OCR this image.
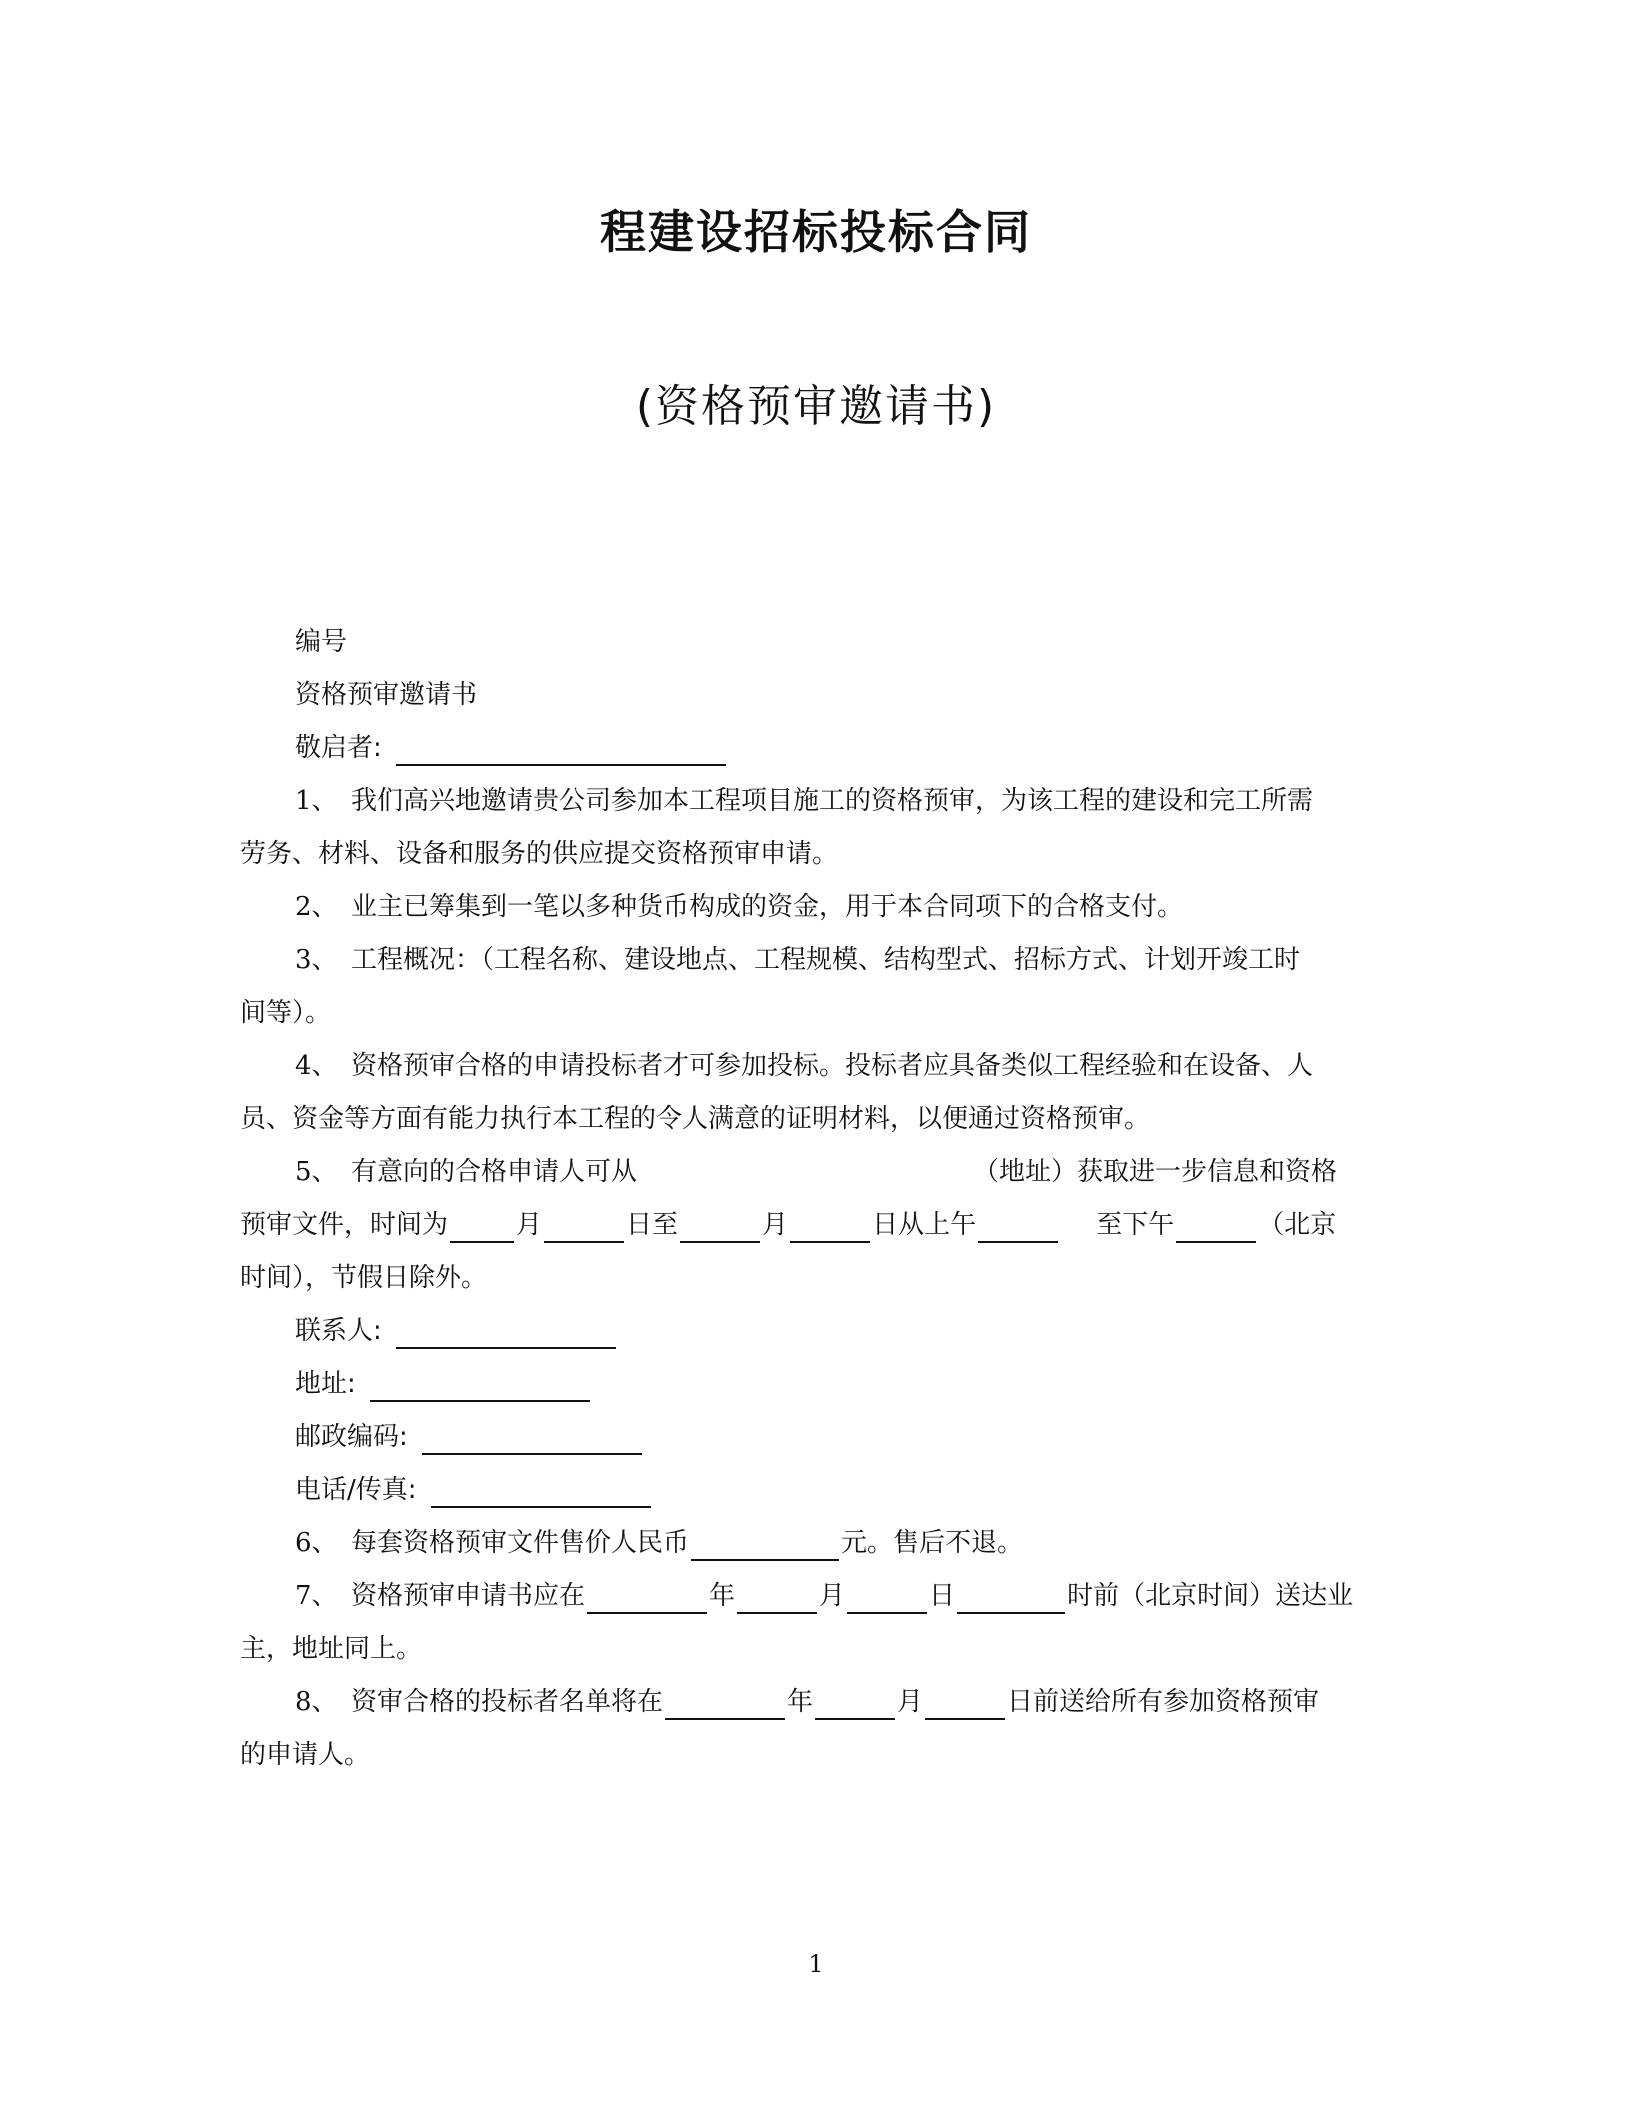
程建设招标投标合同
(资格预审邀请书)
编号
资格预审邀请书
敬启者:
1、 我们高兴地邀请贵公司参加本工程项目施工的资格预审，为该工程的建设和完工所需
劳务、材料、设备和服务的供应提交资格预审申请。
2、 业主已筹集到一笔以多种货币构成的资金，用于本合同项下的合格支付。
3、 工程概况：（工程名称、建设地点、工程规模、结构型式、招标方式、计划开竣工时
间等）。
4、 资格预审合格的申请投标者才可参加投标。投标者应具备类似工程经验和在设备、人
员、资金等方面有能力执行本工程的令人满意的证明材料，以便通过资格预审。
5、 有意向的合格申请人可从	（地址）获取进一步信息和资格
预审文件，时间为	月	日至	月	日从上午	至下午	（北京
时间），节假日除外。
联系人:
地址:
邮政编码:
电话/传真:
6、 每套资格预审文件售价人民币	元。售后不退。
7、 资格预审申请书应在	年	月	日	时前（北京时间）送达业
主，地址同上。
8、 资审合格的投标者名单将在	年	月	日前送给所有参加资格预审
的申请人。
1
